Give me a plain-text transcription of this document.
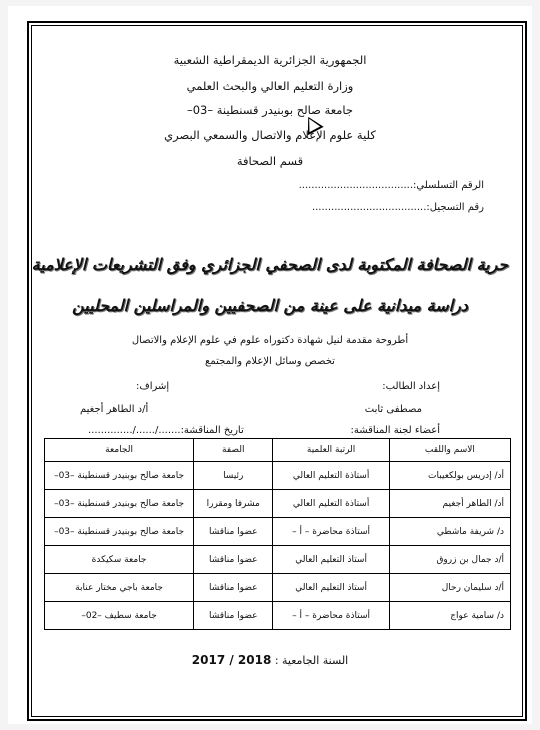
الجمهورية الجزائرية الديمقراطية الشعبية
وزارة التعليم العالي والبحث العلمي
جامعة صالح بوبنيدر قسنطينة –03–
كلية علوم الإعلام والاتصال والسمعي البصري
قسم الصحافة
الرقم التسلسلي:....................................
رقم التسجيل:....................................
حرية الصحافة المكتوبة لدى الصحفي الجزائري وفق التشريعات الإعلامية
دراسة ميدانية على عينة من الصحفيين والمراسلين المحليين
أطروحة مقدمة لنيل شهادة دكتوراه علوم في علوم الإعلام والاتصال
تخصص وسائل الإعلام والمجتمع
إعداد الطالب:
إشراف:
مصطفى ثابت
أ/د الطاهر أجغيم
أعضاء لجنة المناقشة:
تاريخ المناقشة:......./....../..............
الاسم واللقب	الرتبة العلمية	الصفة	الجامعة
أد/ إدريس بولكعيبات	أستاذة التعليم العالي	رئيسا	جامعة صالح بوبنيدر قسنطينة –03–
أد/ الطاهر أجغيم	أستاذة التعليم العالي	مشرفا ومقررا	جامعة صالح بوبنيدر قسنطينة –03–
د/ شريفة ماشطي	أستاذة محاضرة – أ –	عضوا مناقشا	جامعة صالح بوبنيدر قسنطينة –03–
أ/د جمال بن زروق	أستاذ التعليم العالي	عضوا مناقشا	جامعة سكيكدة
أ/د سليمان رحال	أستاذ التعليم العالي	عضوا مناقشا	جامعة باجي مختار عنابة
د/ سامية عواج	أستاذة محاضرة – أ –	عضوا مناقشا	جامعة سطيف –02–
السنة الجامعية : 2017 / 2018
